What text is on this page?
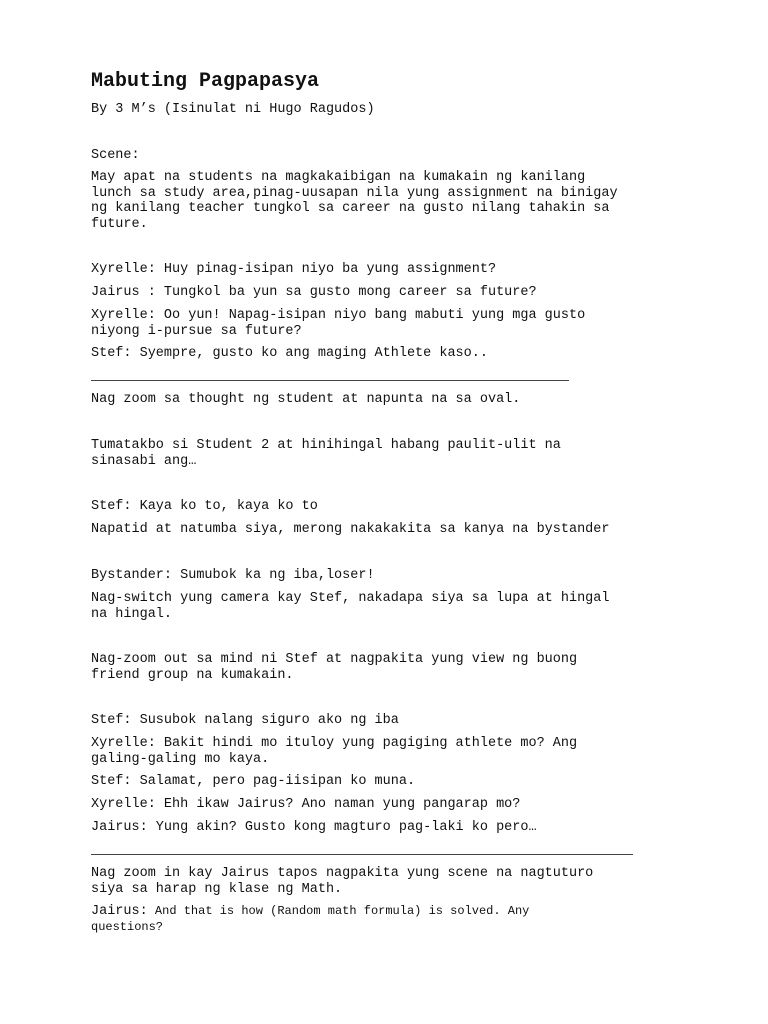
Mabuting Pagpapasya

By 3 M’s (Isinulat ni Hugo Ragudos)

Scene:

May apat na students na magkakaibigan na kumakain ng kanilang
lunch sa study area,pinag-uusapan nila yung assignment na binigay
ng kanilang teacher tungkol sa career na gusto nilang tahakin sa
future.

Xyrelle: Huy pinag-isipan niyo ba yung assignment?

Jairus : Tungkol ba yun sa gusto mong career sa future?

Xyrelle: Oo yun! Napag-isipan niyo bang mabuti yung mga gusto
niyong i-pursue sa future?

Stef: Syempre, gusto ko ang maging Athlete kaso..

Nag zoom sa thought ng student at napunta na sa oval.

Tumatakbo si Student 2 at hinihingal habang paulit-ulit na
sinasabi ang…

Stef: Kaya ko to, kaya ko to

Napatid at natumba siya, merong nakakakita sa kanya na bystander

Bystander: Sumubok ka ng iba,loser!

Nag-switch yung camera kay Stef, nakadapa siya sa lupa at hingal
na hingal.

Nag-zoom out sa mind ni Stef at nagpakita yung view ng buong
friend group na kumakain.

Stef: Susubok nalang siguro ako ng iba

Xyrelle: Bakit hindi mo ituloy yung pagiging athlete mo? Ang
galing-galing mo kaya.

Stef: Salamat, pero pag-iisipan ko muna.

Xyrelle: Ehh ikaw Jairus? Ano naman yung pangarap mo?

Jairus: Yung akin? Gusto kong magturo pag-laki ko pero…

Nag zoom in kay Jairus tapos nagpakita yung scene na nagtuturo
siya sa harap ng klase ng Math.

Jairus: And that is how (Random math formula) is solved. Any
questions?
